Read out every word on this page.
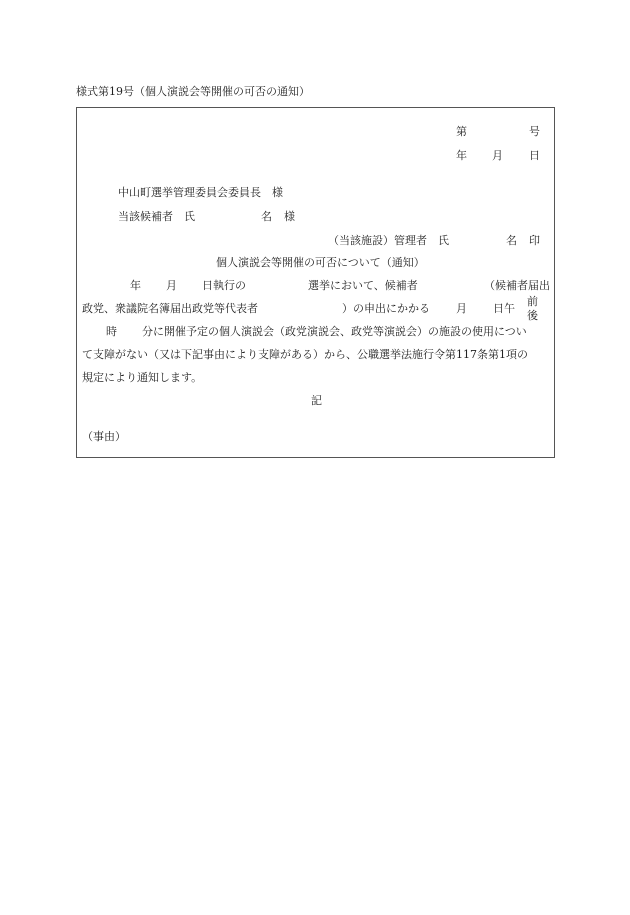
様式第19号（個人演説会等開催の可否の通知）
第	号
年 月 日
中山町選挙管理委員会委員長　様
当該候補者　氏	名 様
（当該施設）管理者　氏	名 印
個人演説会等開催の可否について（通知）
年 月 日執行の	選挙において、候補者	（候補者届出
政党、衆議院名簿届出政党等代表者	）の申出にかかる 月 日午
前
後
時 分に開催予定の個人演説会（政党演説会、政党等演説会）の施設の使用につい
て支障がない（又は下記事由により支障がある）から、公職選挙法施行令第117条第1項の
規定により通知します。
記
（事由）
